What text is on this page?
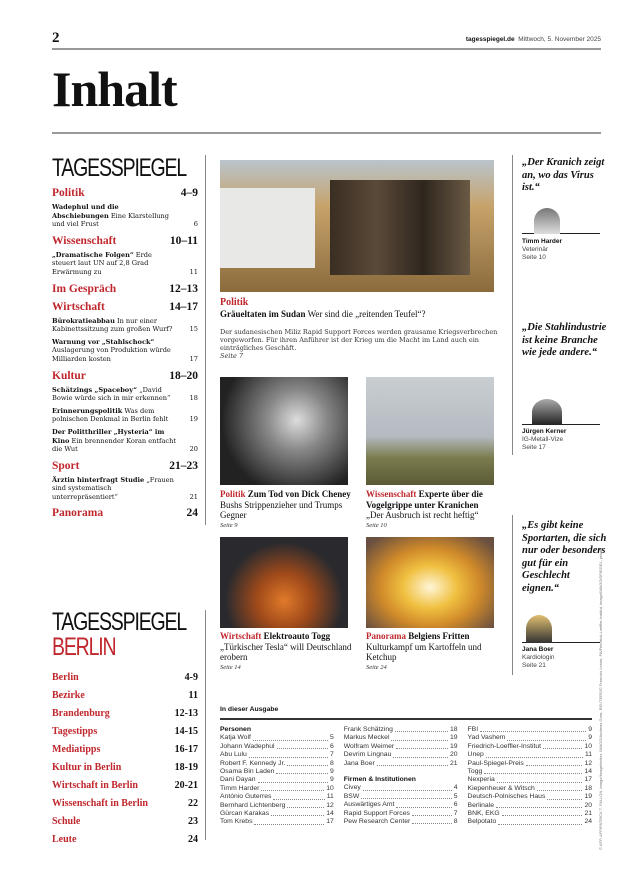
2	tagesspiegel.de Mittwoch, 5. November 2025
Inhalt
TAGESSPIEGEL
Politik	4–9
Wadephul und die Abschiebungen Eine Klarstellung und viel Frust	6
Wissenschaft	10–11
„Dramatische Folgen“ Erde steuert laut UN auf 2,8 Grad Erwärmung zu	11
Im Gespräch	12–13
Wirtschaft	14–17
Bürokratieabbau In nur einer Kabinettssitzung zum großen Wurf?	15
Warnung vor „Stahlschock“ Auslagerung von Produktion würde Milliarden kosten	17
Kultur	18–20
Schätzings „Spaceboy“ „David Bowie würde sich in mir erkennen“	18
Erinnerungspolitik Was dem polnischen Denkmal in Berlin fehlt	19
Der Politthriller „Hysteria“ im Kino Ein brennender Koran entfacht die Wut	20
Sport	21–23
Ärztin hinterfragt Studie „Frauen sind systematisch unterrepräsentiert“	21
Panorama	24
TAGESSPIEGEL
BERLIN
Berlin	4-9
Bezirke	11
Brandenburg	12-13
Tagestipps	14-15
Mediatipps	16-17
Kultur in Berlin	18-19
Wirtschaft in Berlin	20-21
Wissenschaft in Berlin	22
Schule	23
Leute	24
Politik
Gräueltaten im Sudan Wer sind die „reitenden Teufel“?
Der sudanesischen Miliz Rapid Support Forces werden grausame Kriegsverbrechen vorgeworfen. Für ihren Anführer ist der Krieg um die Macht im Land auch ein einträgliches Geschäft.
Seite 7
Politik Zum Tod von Dick Cheney
Bushs Strippenzieher und Trumps Gegner
Seite 9
Wissenschaft Experte über die Vogelgrippe unter Kranichen
„Der Ausbruch ist recht heftig“
Seite 10
Wirtschaft Elektroauto Togg
„Türkischer Tesla“ will Deutschland erobern
Seite 14
Panorama Belgiens Fritten
Kulturkampf um Kartoffeln und Ketchup
Seite 24
„Der Kranich zeigt an, wo das Virus ist.“
Timm Harder
Veterinär
Seite 10
„Die Stahlindustrie ist keine Branche wie jede andere.“
Jürgen Kerner
IG-Metall-Vize
Seite 17
„Es gibt keine Sportarten, die sich nur oder besonders gut für ein Geschlecht eignen.“
Jana Boer
Kardiologin
Seite 21
In dieser Ausgabe
Personen
Katja Wolf	5
Johann Wadephul	6
Abu Lulu	7
Robert F. Kennedy Jr.	8
Osama Bin Laden	9
Dani Dayan	9
Timm Harder	10
António Guterres	11
Bernhard Lichtenberg	12
Gürcan Karakas	14
Tom Krebs	17
Frank Schätzing	18
Markus Meckel	19
Wolfram Weimer	19
Devrim Lingnau	20
Jana Boer	21
Firmen & Institutionen
Civey	4
BSW	5
Auswärtiges Amt	6
Rapid Support Forces	7
Pew Research Center	8
FBI	9
Yad Vashem	9
Friedrich-Loeffler-Institut	10
Unep	11
Paul-Spiegel-Preis	12
Togg	14
Nexperia	17
Kiepenheuer & Witsch	18
Deutsch-Polnisches Haus	19
Berlinale	20
BNK, EKG	21
Belpotato	24 © AFP, AFP/PATRICK T. FALLON, imago/Imagebroker, IMAGO/Andreas Gora, REUTERS/© Francois Lenoir, PA/Friedrich-Loeffler-Institut, imago/IMAGO/SPIEGEL, privat
